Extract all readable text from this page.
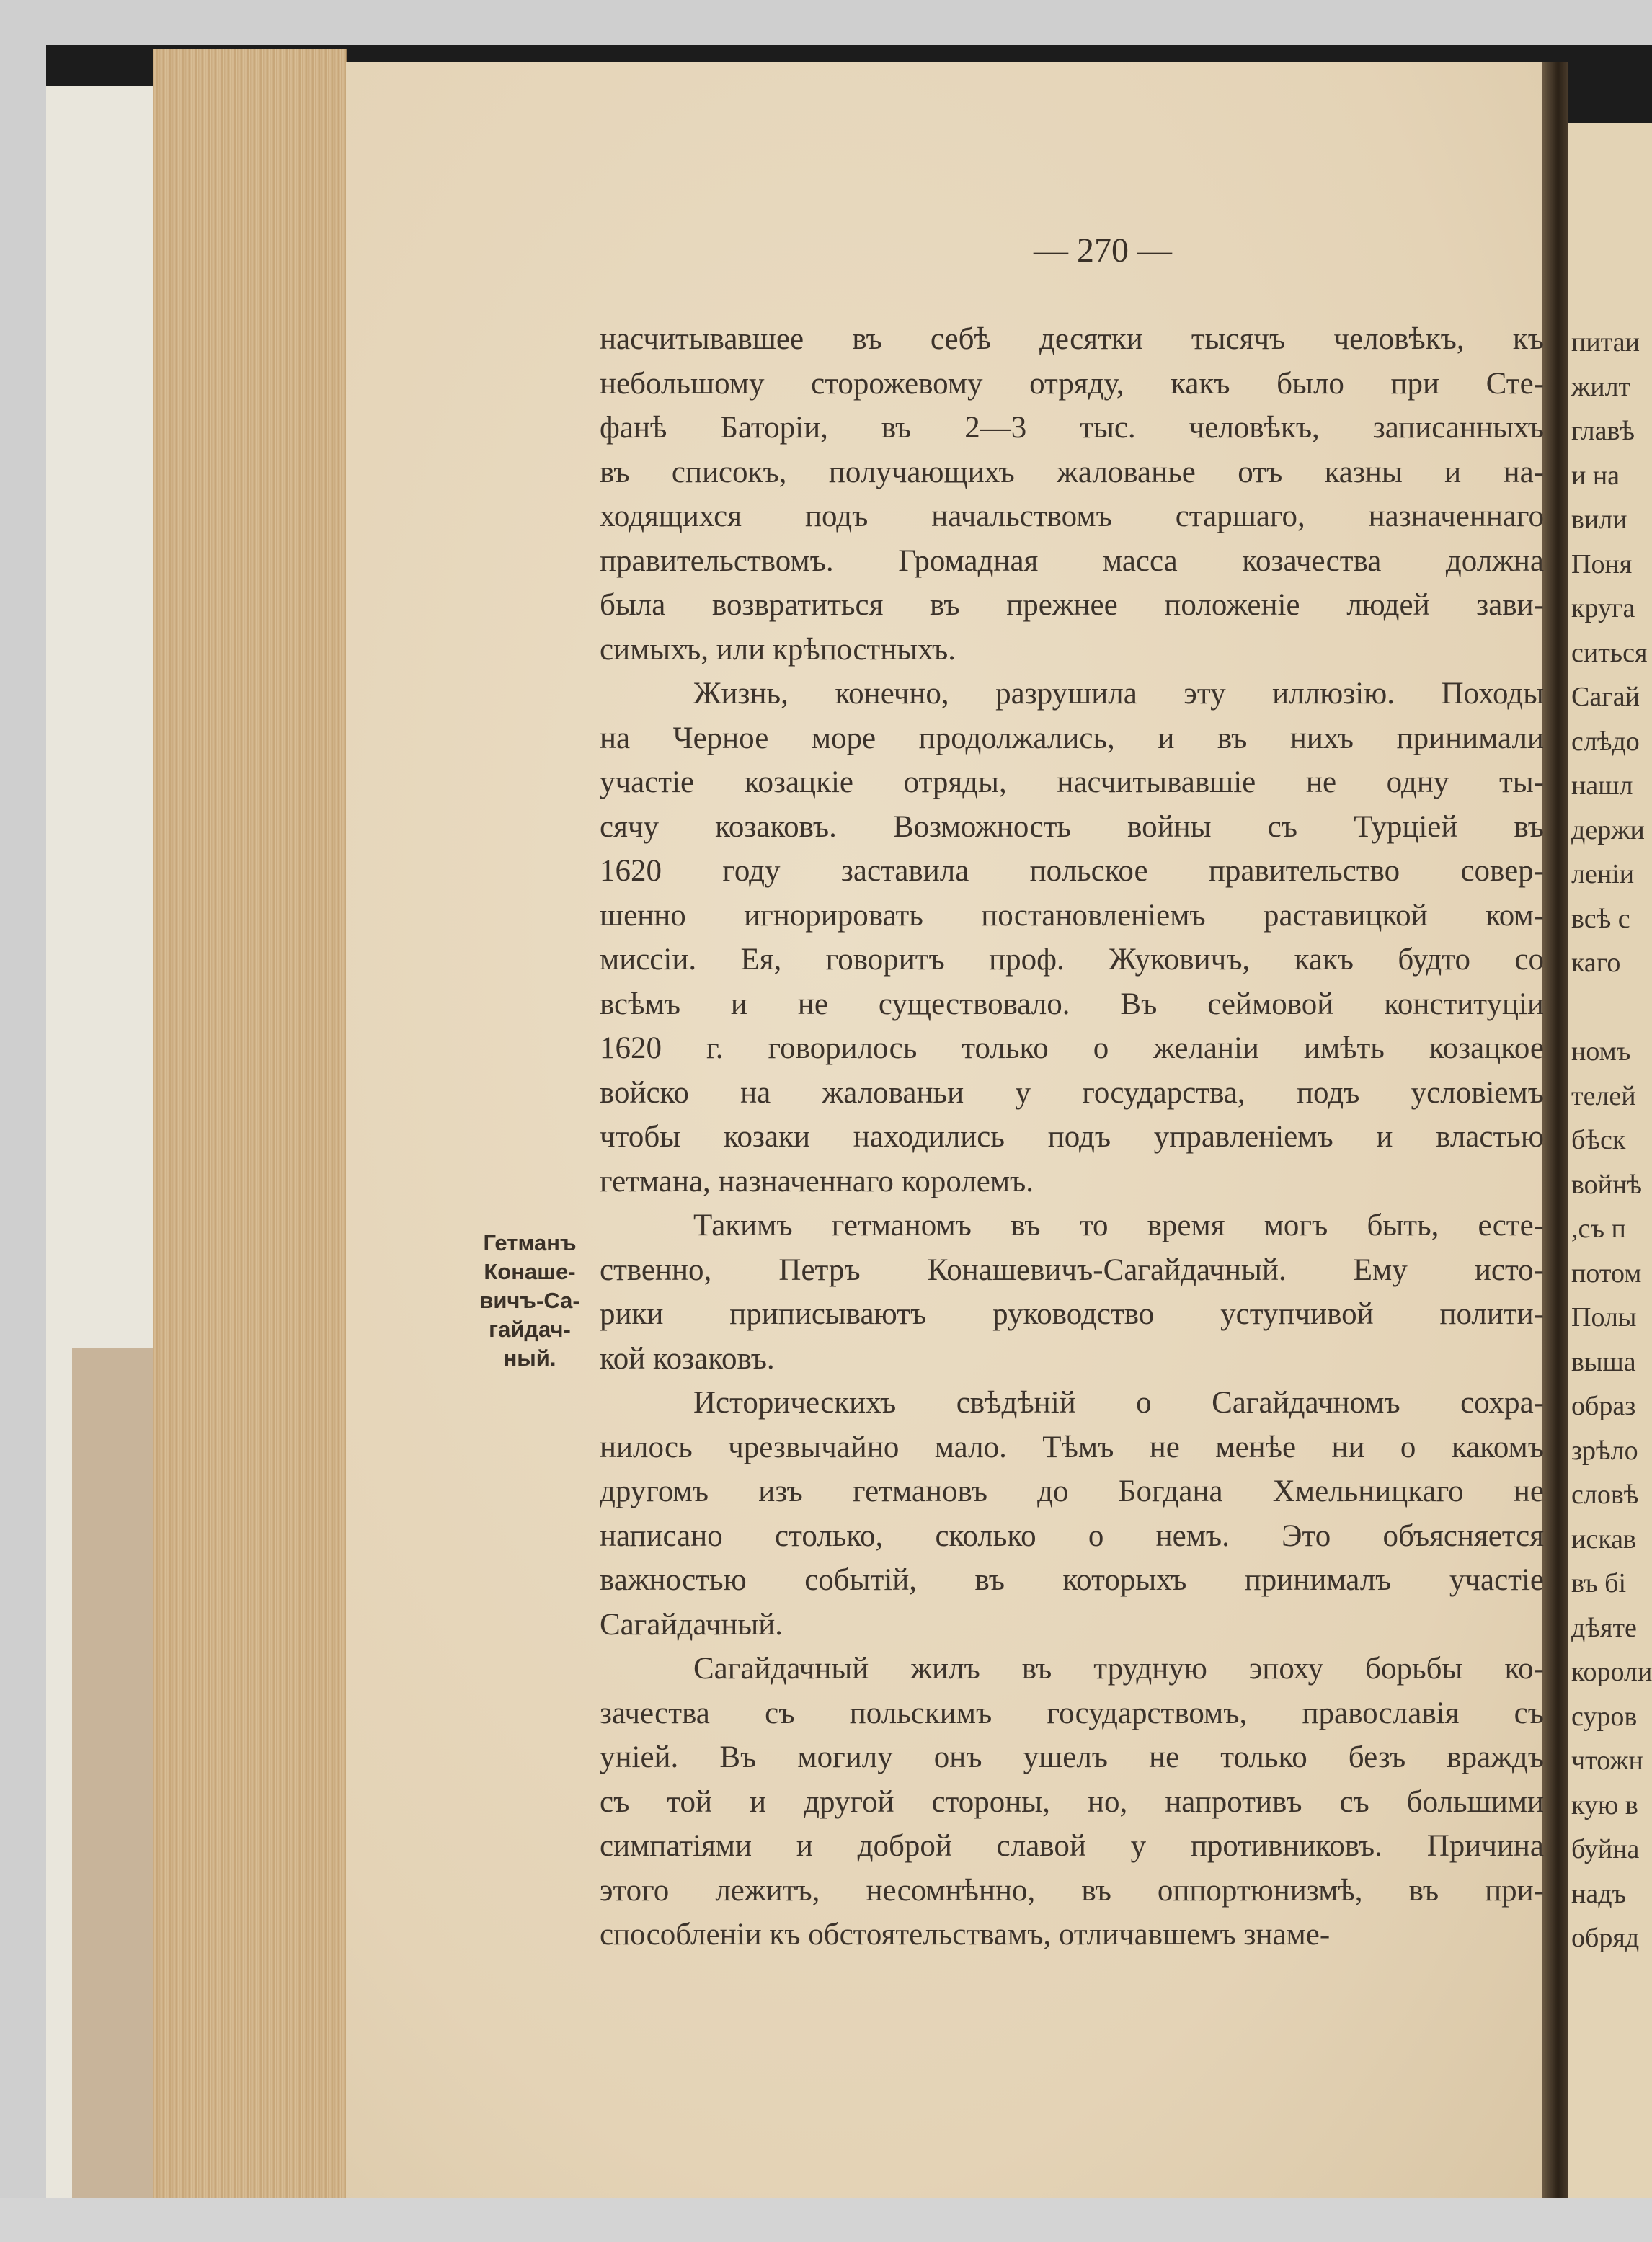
— 270 —
Гетманъ
Конаше-
вичъ-Са-
гайдач-
ный.
насчитывавшее въ себѣ десятки тысячъ человѣкъ, къ
небольшому сторожевому отряду, какъ было при Сте-
фанѣ Баторіи, въ 2—3 тыс. человѣкъ, записанныхъ
въ списокъ, получающихъ жалованье отъ казны и на-
ходящихся подъ начальствомъ старшаго, назначеннаго
правительствомъ. Громадная масса козачества должна
была возвратиться въ прежнее положеніе людей зави-
симыхъ, или крѣпостныхъ.
Жизнь, конечно, разрушила эту иллюзію. Походы
на Черное море продолжались, и въ нихъ принимали
участіе козацкіе отряды, насчитывавшіе не одну ты-
сячу козаковъ. Возможность войны съ Турціей въ
1620 году заставила польское правительство совер-
шенно игнорировать постановленіемъ раставицкой ком-
миссіи. Ея, говоритъ проф. Жуковичъ, какъ будто со
всѣмъ и не существовало. Въ сеймовой конституціи
1620 г. говорилось только о желаніи имѣть козацкое
войско на жалованьи у государства, подъ условіемъ
чтобы козаки находились подъ управленіемъ и властью
гетмана, назначеннаго королемъ.
Такимъ гетманомъ въ то время могъ быть, есте-
ственно, Петръ Конашевичъ-Сагайдачный. Ему исто-
рики приписываютъ руководство уступчивой полити-
кой козаковъ.
Историческихъ свѣдѣній о Сагайдачномъ сохра-
нилось чрезвычайно мало. Тѣмъ не менѣе ни о какомъ
другомъ изъ гетмановъ до Богдана Хмельницкаго не
написано столько, сколько о немъ. Это объясняется
важностью событій, въ которыхъ принималъ участіе
Сагайдачный.
Сагайдачный жилъ въ трудную эпоху борьбы ко-
зачества съ польскимъ государствомъ, православія съ
уніей. Въ могилу онъ ушелъ не только безъ враждъ
съ той и другой стороны, но, напротивъ съ большими
симпатіями и доброй славой у противниковъ. Причина
этого лежитъ, несомнѣнно, въ оппортюнизмѣ, въ при-
способленіи къ обстоятельствамъ, отличавшемъ знаме-
питаи
жилт
главѣ
и на
вили
Поня
круга
ситься
Сагай
слѣдо
нашл
держи
леніи
всѣ с
каго
номъ
телей
бѣск
войнѣ
,съ п
потом
Полы
выша
образ
зрѣло
словѣ
искав
въ бі
дѣяте
короли
суров
чтожн
кую в
буйна
надъ
обряд
